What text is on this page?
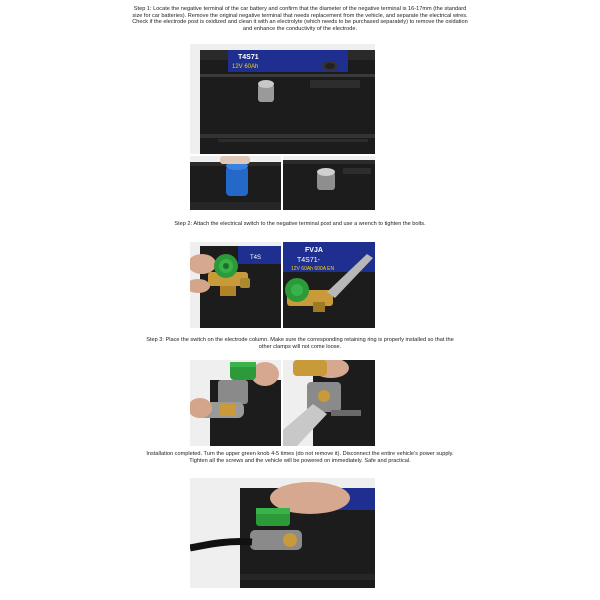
Step 1: Locate the negative terminal of the car battery and confirm that the diameter of the negative terminal is 16-17mm (the standard size for car batteries). Remove the original negative terminal that needs replacement from the vehicle, and separate the electrical wires. Check if the electrode post is oxidized and clean it with an electrolyte (which needs to be purchased separately) to remove the oxidation and enhance the conductivity of the electrode.
T4S71
12V 60Ah
Step 2: Attach the electrical switch to the negative terminal post and use a wrench to tighten the bolts.
T4S
FVJA
T4S71-
12V 60Ah 600A EN
Step 3: Place the switch on the electrode column. Make sure the corresponding retaining ring is properly installed so that the other clamps will not come loose.
Installation completed. Turn the upper green knob 4-5 times (do not remove it). Disconnect the entire vehicle's power supply. Tighten all the screws and the vehicle will be powered on immediately. Safe and practical.
